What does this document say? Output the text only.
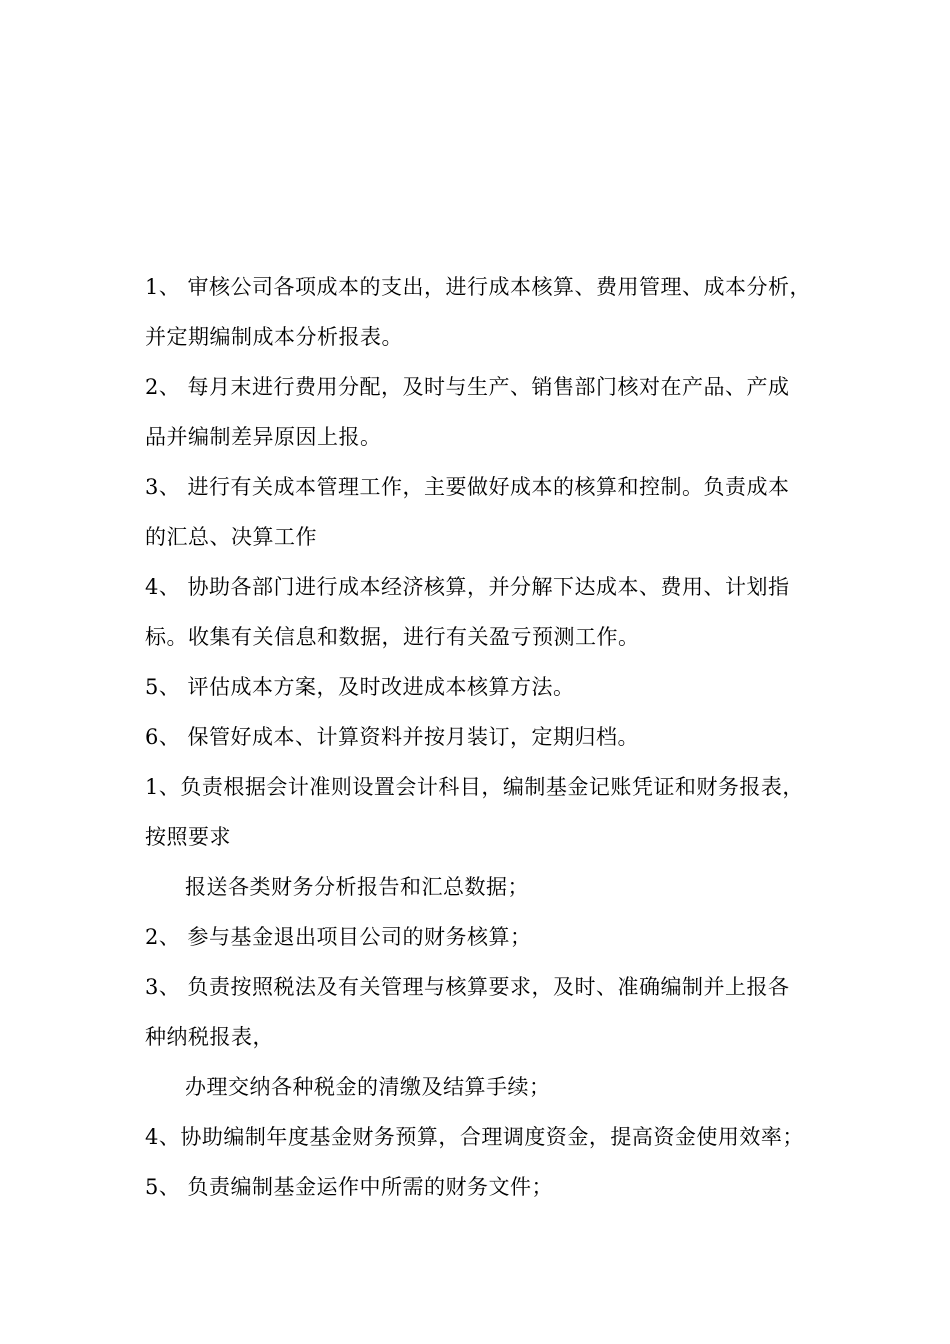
1、 审核公司各项成本的支出，进行成本核算、费用管理、成本分析，
并定期编制成本分析报表。
2、 每月末进行费用分配，及时与生产、销售部门核对在产品、产成
品并编制差异原因上报。
3、 进行有关成本管理工作，主要做好成本的核算和控制。负责成本
的汇总、决算工作
4、 协助各部门进行成本经济核算，并分解下达成本、费用、计划指
标。收集有关信息和数据，进行有关盈亏预测工作。
5、 评估成本方案，及时改进成本核算方法。
6、 保管好成本、计算资料并按月装订，定期归档。
1、负责根据会计准则设置会计科目，编制基金记账凭证和财务报表，
按照要求
报送各类财务分析报告和汇总数据；
2、 参与基金退出项目公司的财务核算；
3、 负责按照税法及有关管理与核算要求，及时、准确编制并上报各
种纳税报表，
办理交纳各种税金的清缴及结算手续；
4、协助编制年度基金财务预算，合理调度资金，提高资金使用效率；
5、 负责编制基金运作中所需的财务文件；
